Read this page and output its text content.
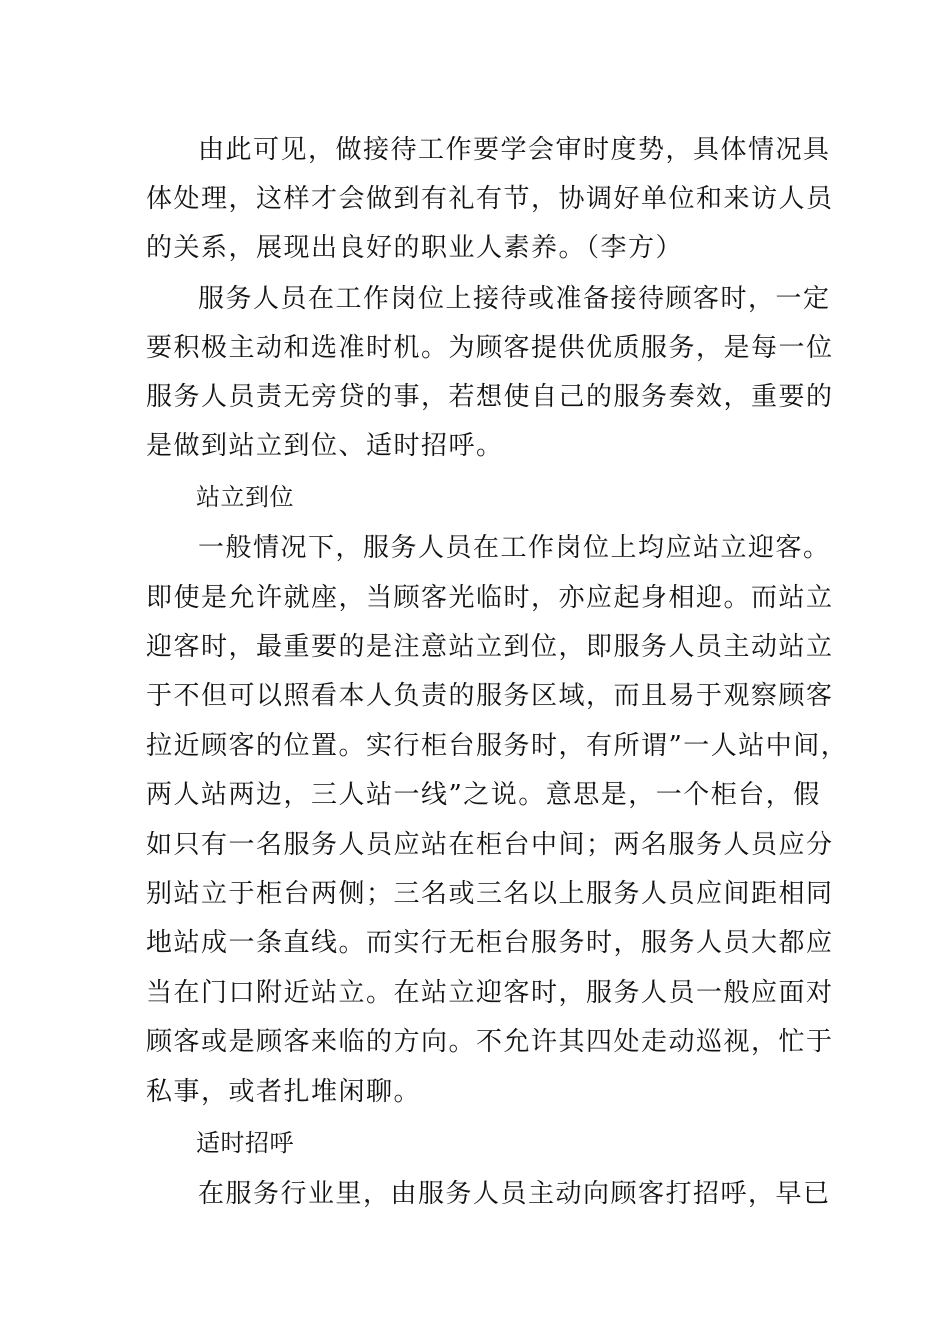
由此可见，做接待工作要学会审时度势，具体情况具
体处理，这样才会做到有礼有节，协调好单位和来访人员
的关系，展现出良好的职业人素养。（李方）
服务人员在工作岗位上接待或准备接待顾客时，一定
要积极主动和选准时机。为顾客提供优质服务，是每一位
服务人员责无旁贷的事，若想使自己的服务奏效，重要的
是做到站立到位、适时招呼。
站立到位
一般情况下，服务人员在工作岗位上均应站立迎客。
即使是允许就座，当顾客光临时，亦应起身相迎。而站立
迎客时，最重要的是注意站立到位，即服务人员主动站立
于不但可以照看本人负责的服务区域，而且易于观察顾客
拉近顾客的位置。实行柜台服务时，有所谓”一人站中间，
两人站两边，三人站一线”之说。意思是，一个柜台，假
如只有一名服务人员应站在柜台中间；两名服务人员应分
别站立于柜台两侧；三名或三名以上服务人员应间距相同
地站成一条直线。而实行无柜台服务时，服务人员大都应
当在门口附近站立。在站立迎客时，服务人员一般应面对
顾客或是顾客来临的方向。不允许其四处走动巡视，忙于
私事，或者扎堆闲聊。
适时招呼
在服务行业里，由服务人员主动向顾客打招呼，早已
